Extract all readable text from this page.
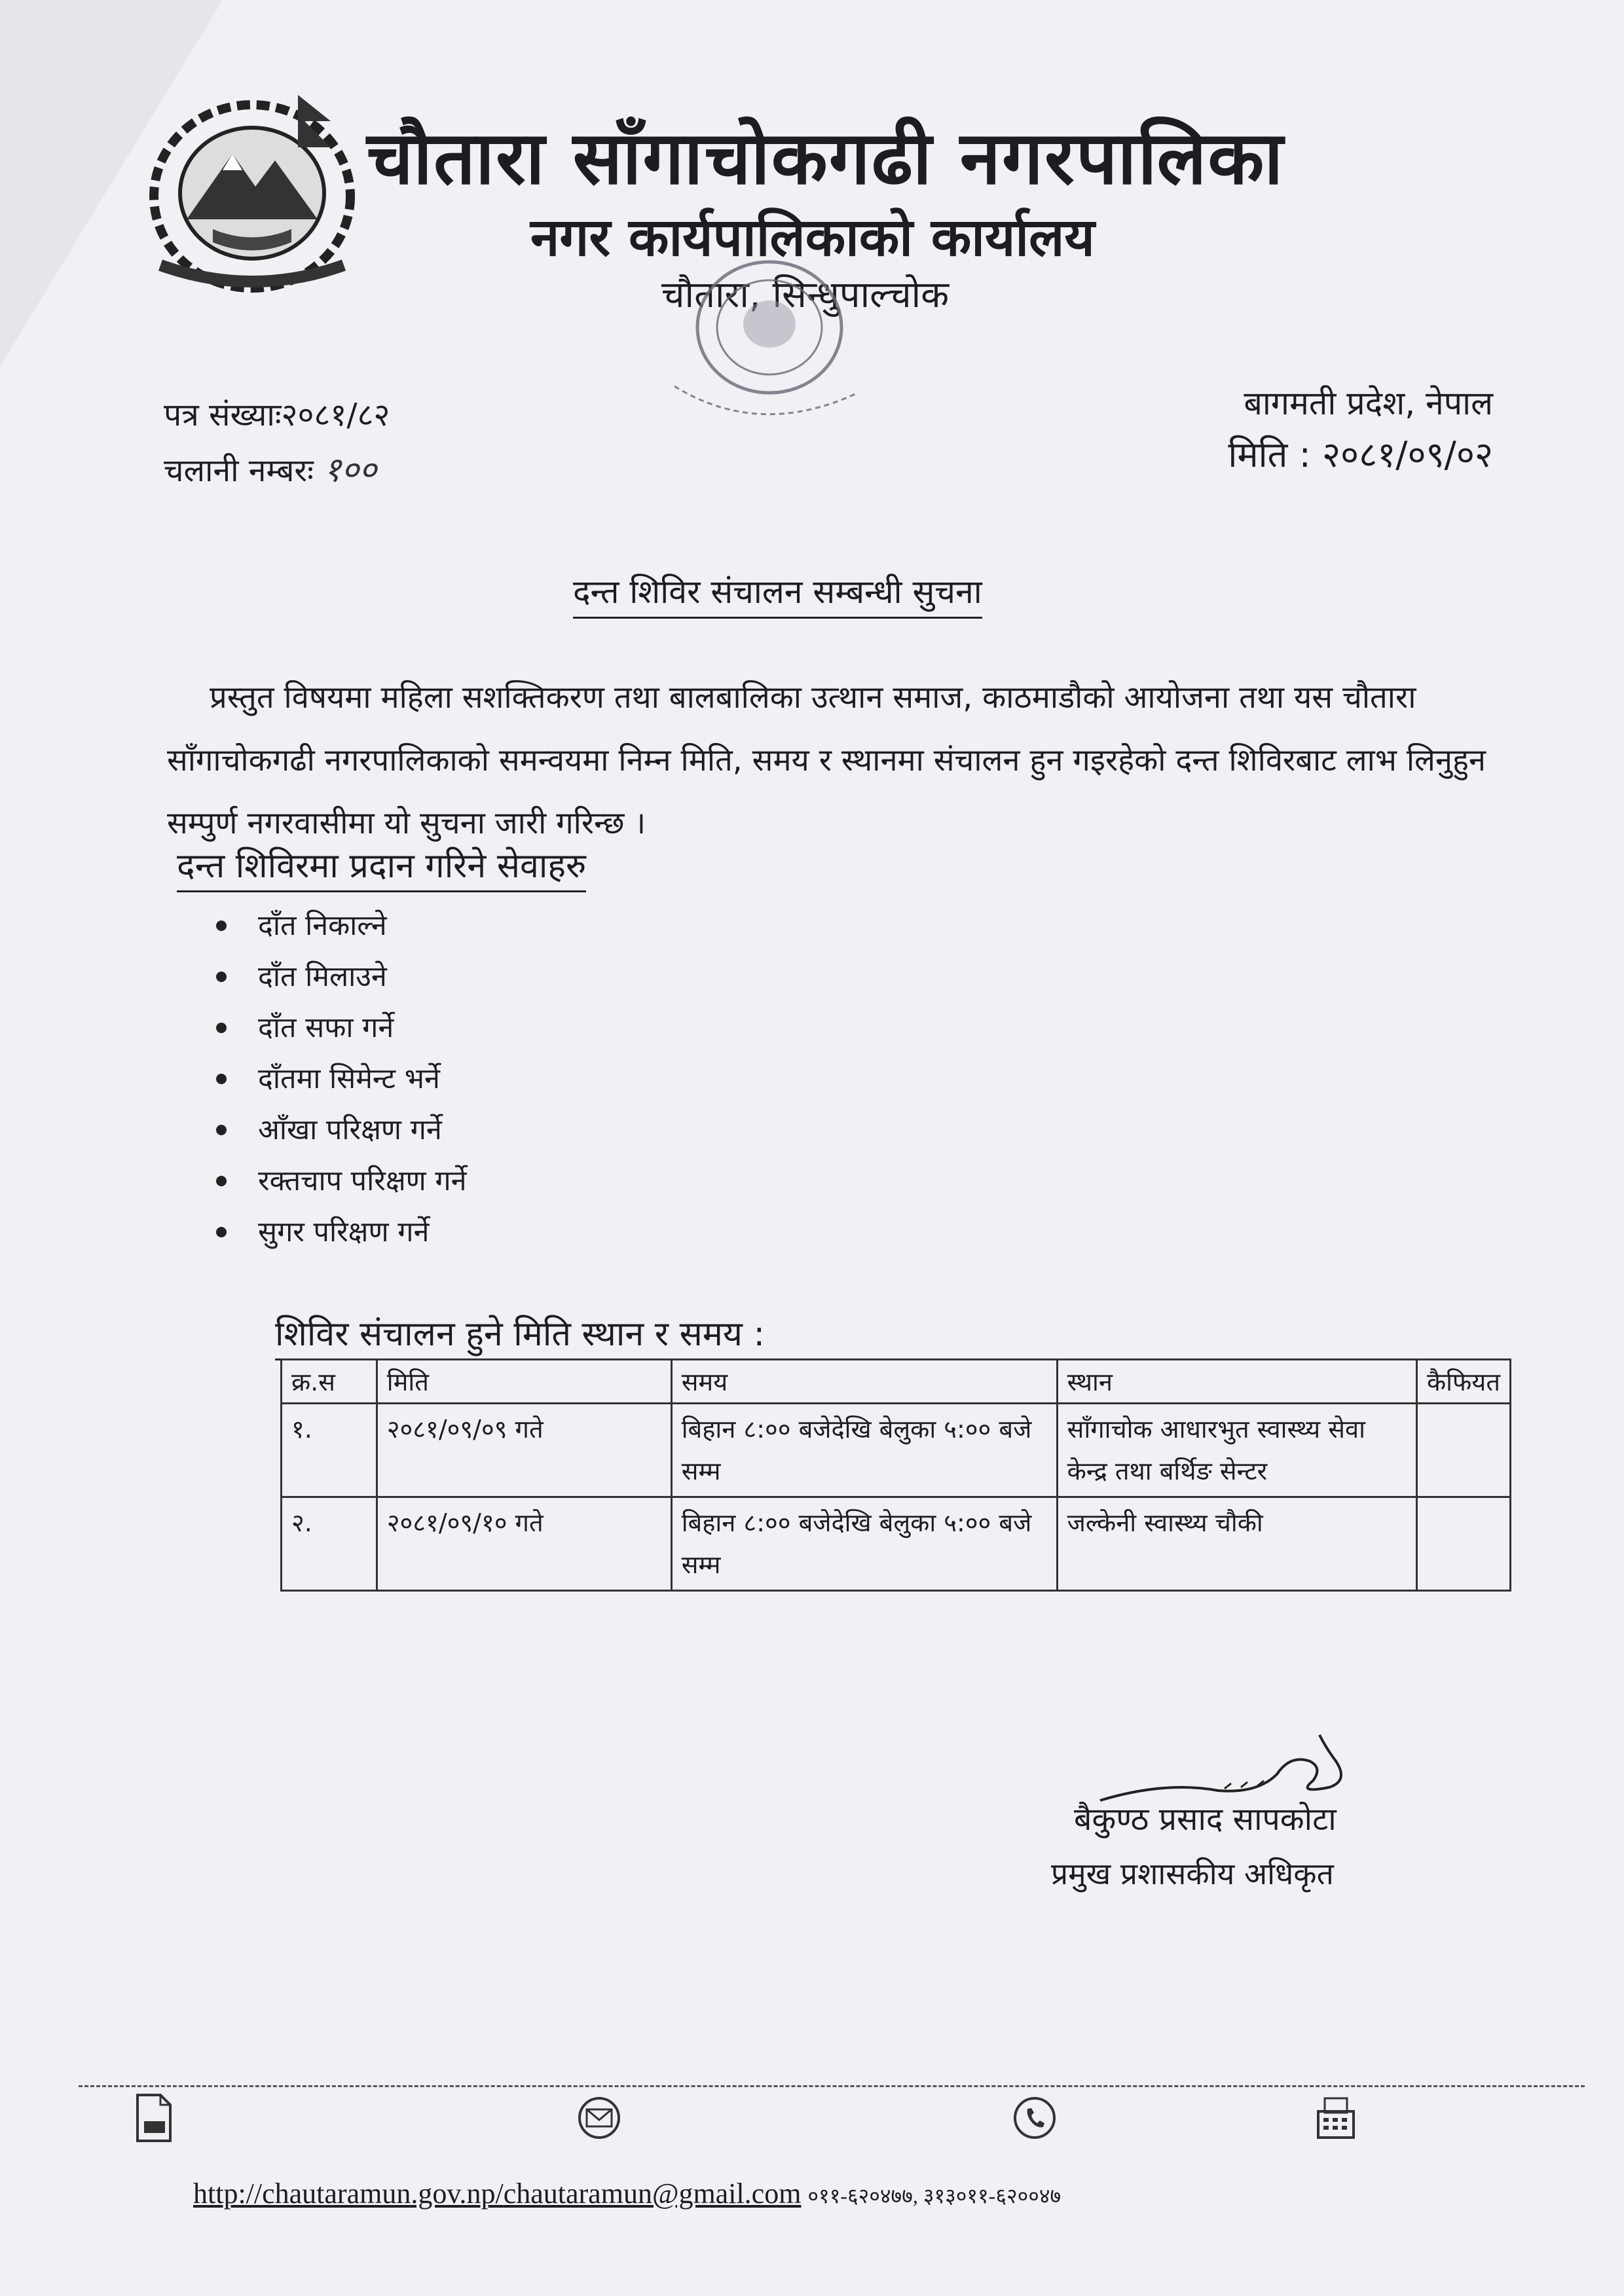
चौतारा साँगाचोकगढी नगरपालिका
नगर कार्यपालिकाको कार्यालय
चौतारा, सिन्धुपाल्चोक
पत्र संख्याः२०८१/८२
चलानी नम्बरः १००
बागमती प्रदेश, नेपाल
मिति : २०८१/०९/०२
दन्त शिविर संचालन सम्बन्धी सुचना
प्रस्तुत विषयमा महिला सशक्तिकरण तथा बालबालिका उत्थान समाज, काठमाडौको आयोजना तथा यस चौतारा साँगाचोकगढी नगरपालिकाको समन्वयमा निम्न मिति, समय र स्थानमा संचालन हुन गइरहेको दन्त शिविरबाट लाभ लिनुहुन सम्पुर्ण नगरवासीमा यो सुचना जारी गरिन्छ ।
दन्त शिविरमा प्रदान गरिने सेवाहरु
दाँत निकाल्ने
दाँत मिलाउने
दाँत सफा गर्ने
दाँतमा सिमेन्ट भर्ने
आँखा परिक्षण गर्ने
रक्तचाप परिक्षण गर्ने
सुगर परिक्षण गर्ने
शिविर संचालन हुने मिति स्थान र समय :
क्र.स	मिति	समय	स्थान	कैफियत
१.	२०८१/०९/०९ गते	बिहान ८:०० बजेदेखि बेलुका ५:०० बजे सम्म	साँगाचोक आधारभुत स्वास्थ्य सेवा केन्द्र तथा बर्थिङ सेन्टर	
२.	२०८१/०९/१० गते	बिहान ८:०० बजेदेखि बेलुका ५:०० बजे सम्म	जल्केनी स्वास्थ्य चौकी	
बैकुण्ठ प्रसाद सापकोटा
प्रमुख प्रशासकीय अधिकृत
http://chautaramun.gov.np/chautaramun@gmail.com ०११-६२०४७७, ३१३०११-६२००४७
